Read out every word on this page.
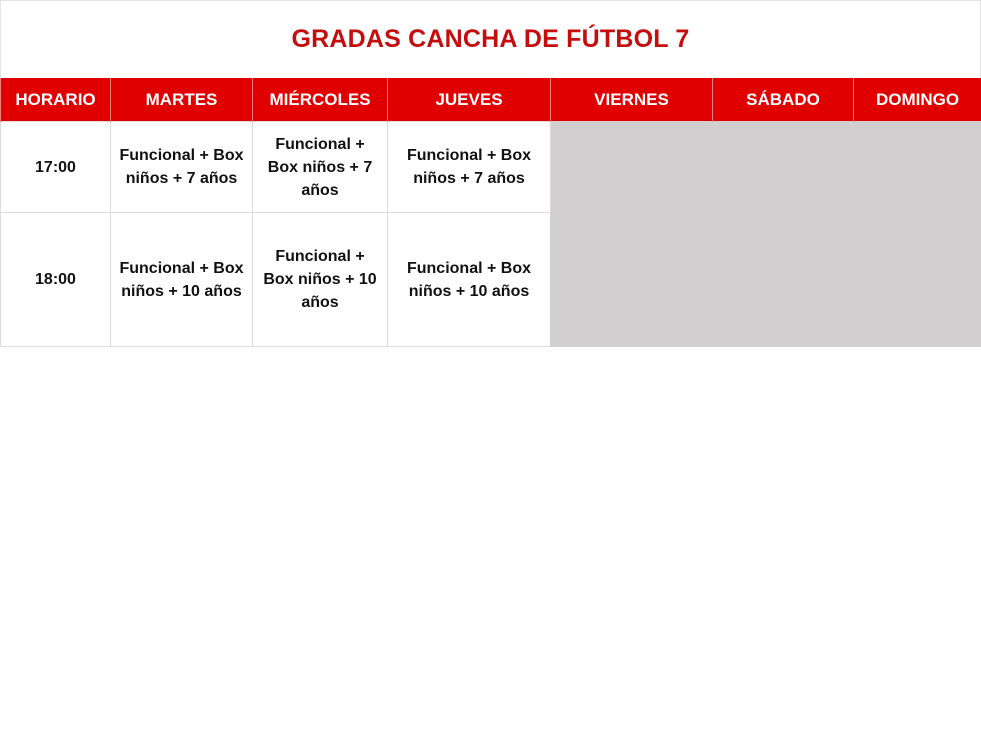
GRADAS CANCHA DE FÚTBOL 7
HORARIO	MARTES	MIÉRCOLES	JUEVES	VIERNES	SÁBADO	DOMINGO
17:00	Funcional + Box niños + 7 años	Funcional + Box niños + 7 años	Funcional + Box niños + 7 años			
18:00	Funcional + Box niños + 10 años	Funcional + Box niños + 10 años	Funcional + Box niños + 10 años			
